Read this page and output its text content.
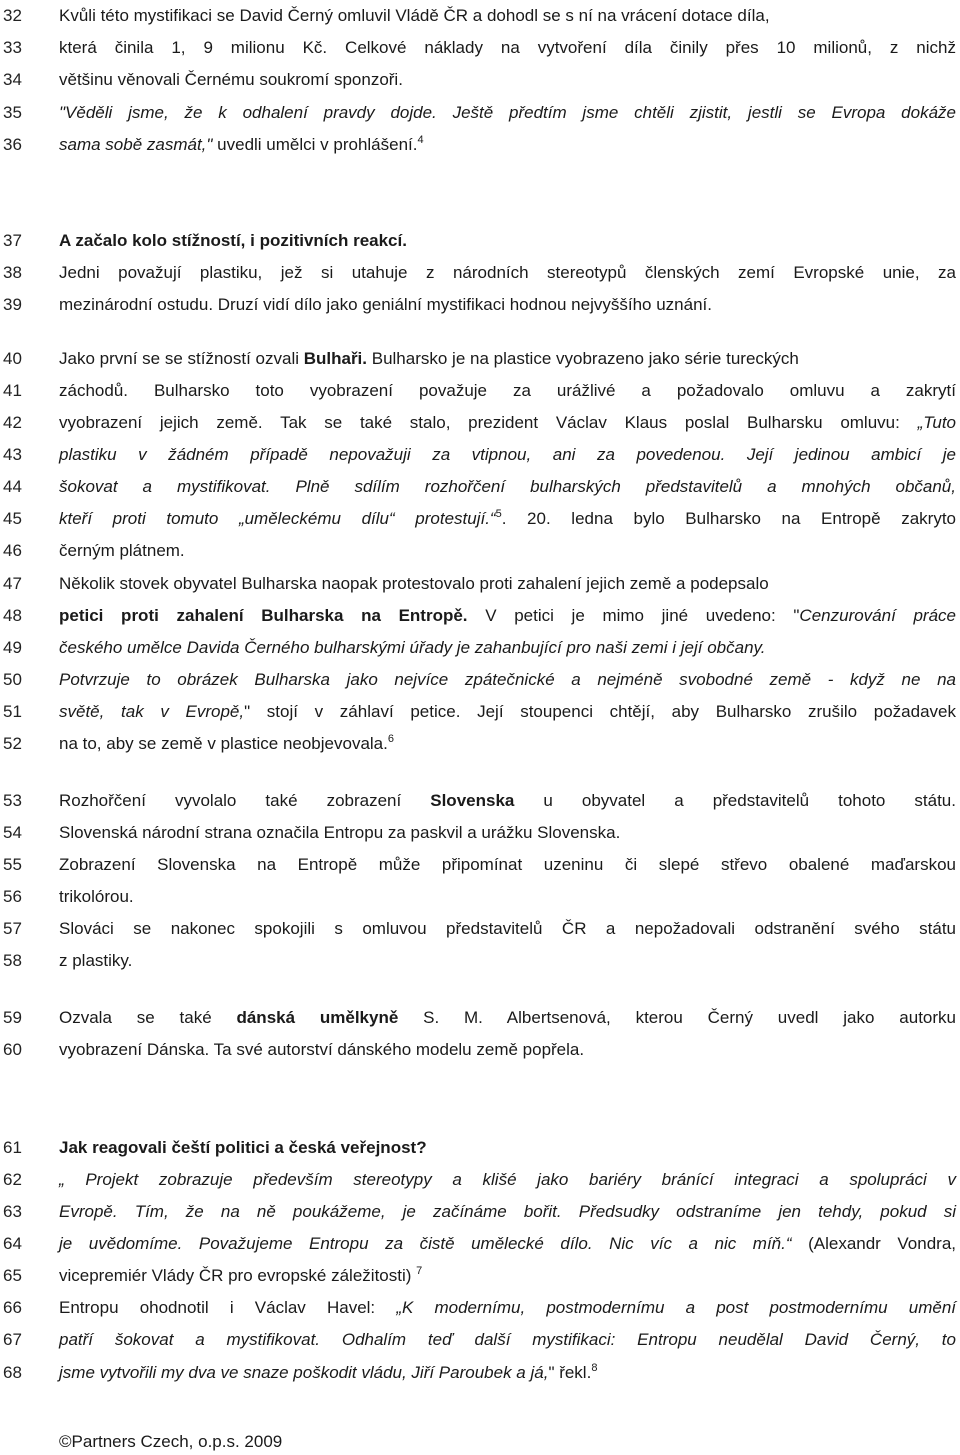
32	Kvůli této mystifikaci se David Černý omluvil Vládě ČR a dohodl se s ní na vrácení dotace díla,
33	která činila 1, 9 milionu Kč. Celkové náklady na vytvoření díla činily přes 10 milionů, z nichž
34	většinu věnovali Černému soukromí sponzoři.
35	"Věděli jsme, že k odhalení pravdy dojde. Ještě předtím jsme chtěli zjistit, jestli se Evropa dokáže
36	sama sobě zasmát," uvedli umělci v prohlášení.$^4$
37	A začalo kolo stížností, i pozitivních reakcí.
38	Jedni považují plastiku, jež si utahuje z národních stereotypů členských zemí Evropské unie, za
39	mezinárodní ostudu. Druzí vidí dílo jako geniální mystifikaci hodnou nejvyššího uznání.
40	Jako první se se stížností ozvali Bulhaři. Bulharsko je na plastice vyobrazeno jako série tureckých
41	záchodů. Bulharsko toto vyobrazení považuje za urážlivé a požadovalo omluvu a zakrytí
42	vyobrazení jejich země. Tak se také stalo, prezident Václav Klaus poslal Bulharsku omluvu: „Tuto
43	plastiku v žádném případě nepovažuji za vtipnou, ani za povedenou. Její jedinou ambicí je
44	šokovat a mystifikovat. Plně sdílím rozhořčení bulharských představitelů a mnohých občanů,
45	kteří proti tomuto „uměleckému dílu“ protestují.“$^5$. 20. ledna bylo Bulharsko na Entropě zakryto
46	černým plátnem.
47	Několik stovek obyvatel Bulharska naopak protestovalo proti zahalení jejich země a podepsalo
48	petici proti zahalení Bulharska na Entropě. V petici je mimo jiné uvedeno: "Cenzurování práce
49	českého umělce Davida Černého bulharskými úřady je zahanbující pro naši zemi i její občany.
50	Potvrzuje to obrázek Bulharska jako nejvíce zpátečnické a nejméně svobodné země - když ne na
51	světě, tak v Evropě," stojí v záhlaví petice. Její stoupenci chtějí, aby Bulharsko zrušilo požadavek
52	na to, aby se země v plastice neobjevovala.$^6$
53	Rozhořčení vyvolalo také zobrazení Slovenska u obyvatel a představitelů tohoto státu.
54	Slovenská národní strana označila Entropu za paskvil a urážku Slovenska.
55	Zobrazení Slovenska na Entropě může připomínat uzeninu či slepé střevo obalené maďarskou
56	trikolórou.
57	Slováci se nakonec spokojili s omluvou představitelů ČR a nepožadovali odstranění svého státu
58	z plastiky.
59	Ozvala se také dánská umělkyně S. M. Albertsenová, kterou Černý uvedl jako autorku
60	vyobrazení Dánska. Ta své autorství dánského modelu země popřela.
61	Jak reagovali čeští politici a česká veřejnost?
62	„ Projekt zobrazuje především stereotypy a klišé jako bariéry bránící integraci a spolupráci v
63	Evropě. Tím, že na ně poukážeme, je začínáme bořit. Předsudky odstraníme jen tehdy, pokud si
64	je uvědomíme. Považujeme Entropu za čistě umělecké dílo. Nic víc a nic míň.“ (Alexandr Vondra,
65	vicepremiér Vlády ČR pro evropské záležitosti) $^7$
66	Entropu ohodnotil i Václav Havel: „K modernímu, postmodernímu a post postmodernímu umění
67	patří šokovat a mystifikovat. Odhalím teď další mystifikaci: Entropu neudělal David Černý, to
68	jsme vytvořili my dva ve snaze poškodit vládu, Jiří Paroubek a já," řekl.$^8$
©Partners Czech, o.p.s. 2009
